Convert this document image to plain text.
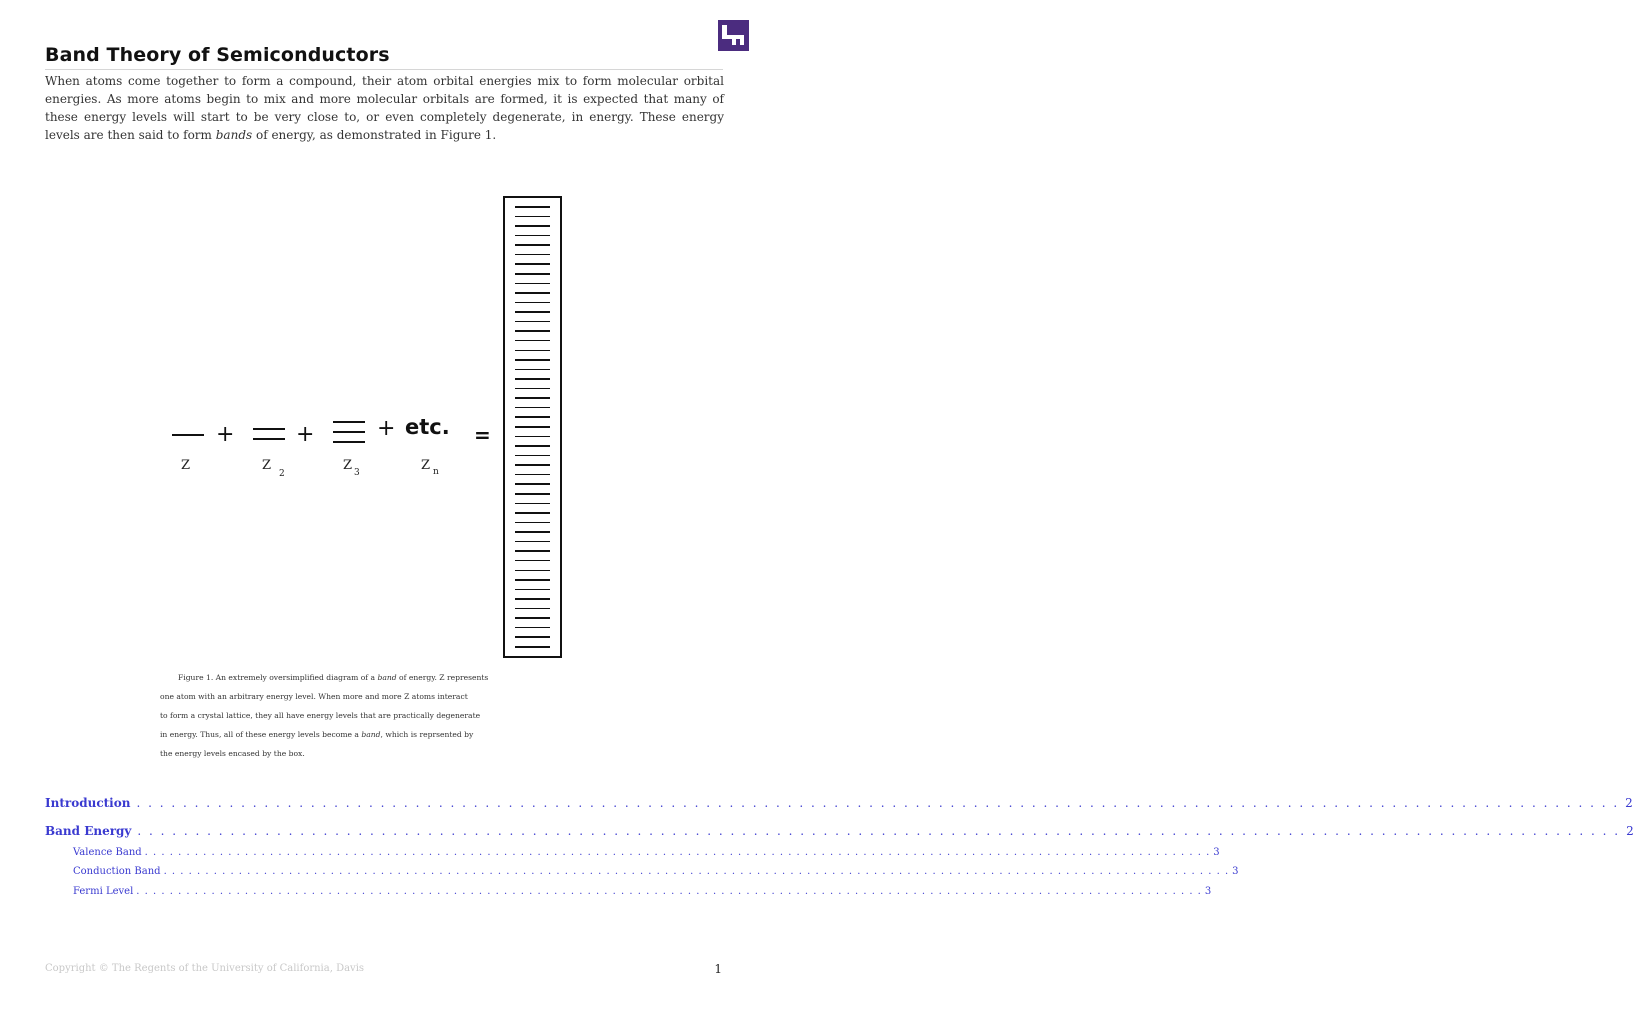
Band Theory of Semiconductors

When atoms come together to form a compound, their atom orbital energies mix to form molecular orbital energies. As more atoms begin to mix and more molecular orbitals are formed, it is expected that many of these energy levels will start to be very close to, or even completely degenerate, in energy. These energy levels are then said to form bands of energy, as demonstrated in Figure 1.

+	+	+ etc. =
Z	Z
2
Z 3	Z n

Figure 1. An extremely oversimplified diagram of a band of energy. Z represents
one atom with an arbitrary energy level. When more and more Z atoms interact
to form a crystal lattice, they all have energy levels that are practically degenerate
in energy. Thus, all of these energy levels become a band, which is reprsented by
the energy levels encased by the box.

Introduction . . . . . . . . . . . . . . . . . . . . . . . . . . . . . . . . . . . . . . . . . . . . . . . . . . . . . . . . . . . . . . . . . . . . . . . . . . . . . . . . . . . . . . . . . . . . . . . . . . . . . . . . . . . . . . . . . . . . . . . . . . . . . . . . 2
Band Energy . . . . . . . . . . . . . . . . . . . . . . . . . . . . . . . . . . . . . . . . . . . . . . . . . . . . . . . . . . . . . . . . . . . . . . . . . . . . . . . . . . . . . . . . . . . . . . . . . . . . . . . . . . . . . . . . . . . . . . . . . . . . . . . . 2
Valence Band . . . . . . . . . . . . . . . . . . . . . . . . . . . . . . . . . . . . . . . . . . . . . . . . . . . . . . . . . . . . . . . . . . . . . . . . . . . . . . . . . . . . . . . . . . . . . . . . . . . . . . . . . . . . . . . . . . . . . . . . . . . . . . . . 3
Conduction Band . . . . . . . . . . . . . . . . . . . . . . . . . . . . . . . . . . . . . . . . . . . . . . . . . . . . . . . . . . . . . . . . . . . . . . . . . . . . . . . . . . . . . . . . . . . . . . . . . . . . . . . . . . . . . . . . . . . . . . . . . . . . . . . . 3
Fermi Level . . . . . . . . . . . . . . . . . . . . . . . . . . . . . . . . . . . . . . . . . . . . . . . . . . . . . . . . . . . . . . . . . . . . . . . . . . . . . . . . . . . . . . . . . . . . . . . . . . . . . . . . . . . . . . . . . . . . . . . . . . . . . . . . 3
Copyright © The Regents of the University of California, Davis	1
